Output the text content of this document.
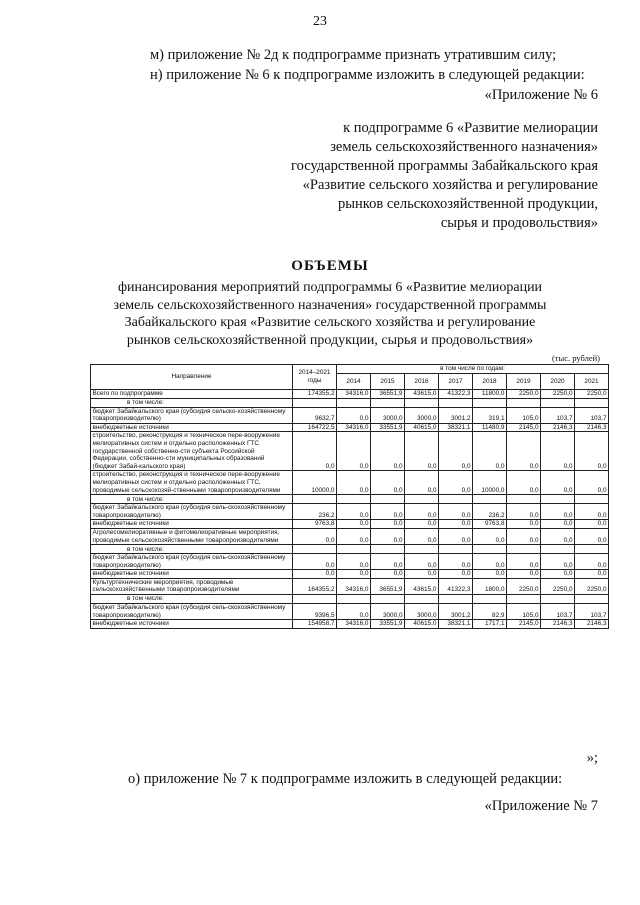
23
м) приложение № 2д к подпрограмме признать утратившим силу;
н) приложение № 6 к подпрограмме изложить в следующей редакции:
«Приложение № 6
к подпрограмме 6 «Развитие мелиорации
земель сельскохозяйственного назначения»
государственной программы Забайкальского края
«Развитие сельского хозяйства и регулирование
рынков сельскохозяйственной продукции,
сырья и продовольствия»
ОБЪЕМЫ
финансирования мероприятий подпрограммы 6 «Развитие мелиорации
земель сельскохозяйственного назначения» государственной программы
Забайкальского края «Развитие сельского хозяйства и регулирование
рынков сельскохозяйственной продукции, сырья и продовольствия»
(тыс. рублей)
Направление	2014–2021 годы	в том числе по годам:							
		2014	2015	2016	2017	2018	2019	2020	2021
Всего по подпрограмме	174355,2	34316,0	36551,9	43615,0	41322,3	11800,0	2250,0	2250,0	2250,0
в том числе:									
бюджет Забайкальского края (субсидия сельско-хозяйственному товаропроизводителю)	9632,7	0,0	3000,0	3000,0	3001,2	319,1	105,0	103,7	103,7
внебюджетные источники	164722,5	34316,0	33551,9	40615,0	38321,1	11480,9	2145,0	2146,3	2146,3
строительство, реконструкция и техническое пере-вооружение мелиоративных систем и отдельно расположенных ГТС государственной собственно-сти субъекта Российской Федерации, собственно-сти муниципальных образований (бюджет Забай-кальского края)	0,0	0,0	0,0	0,0	0,0	0,0	0,0	0,0	0,0
строительство, реконструкция и техническое пере-вооружение мелиоративных систем и отдельно расположенных ГТС, проводимые сельскохозяй-ственными товаропроизводителями	10000,0	0,0	0,0	0,0	0,0	10000,0	0,0	0,0	0,0
в том числе:									
бюджет Забайкальского края (субсидия сель-скохозяйственному товаропроизводителю)	236,2	0,0	0,0	0,0	0,0	236,2	0,0	0,0	0,0
внебюджетные источники	9763,8	0,0	0,0	0,0	0,0	9763,8	0,0	0,0	0,0
Агролесомелиоративные и фитомелиоративные мероприятия, проводимые сельскохозяйственными товаропроизводителями	0,0	0,0	0,0	0,0	0,0	0,0	0,0	0,0	0,0
в том числе:									
бюджет Забайкальского края (субсидия сель-скохозяйственному товаропроизводителю)	0,0	0,0	0,0	0,0	0,0	0,0	0,0	0,0	0,0
внебюджетные источники	0,0	0,0	0,0	0,0	0,0	0,0	0,0	0,0	0,0
Культуртехнические мероприятия, проводимые сельскохозяйственными товаропроизводителями	164355,2	34316,0	36551,9	43615,0	41322,3	1800,0	2250,0	2250,0	2250,0
в том числе:									
бюджет Забайкальского края (субсидия сель-скохозяйственному товаропроизводителю)	9396,5	0,0	3000,0	3000,0	3001,2	82,9	105,0	103,7	103,7
внебюджетные источники	154958,7	34316,0	33551,9	40615,0	38321,1	1717,1	2145,0	2146,3	2146,3
»;
о) приложение № 7 к подпрограмме изложить в следующей редакции:
«Приложение № 7
